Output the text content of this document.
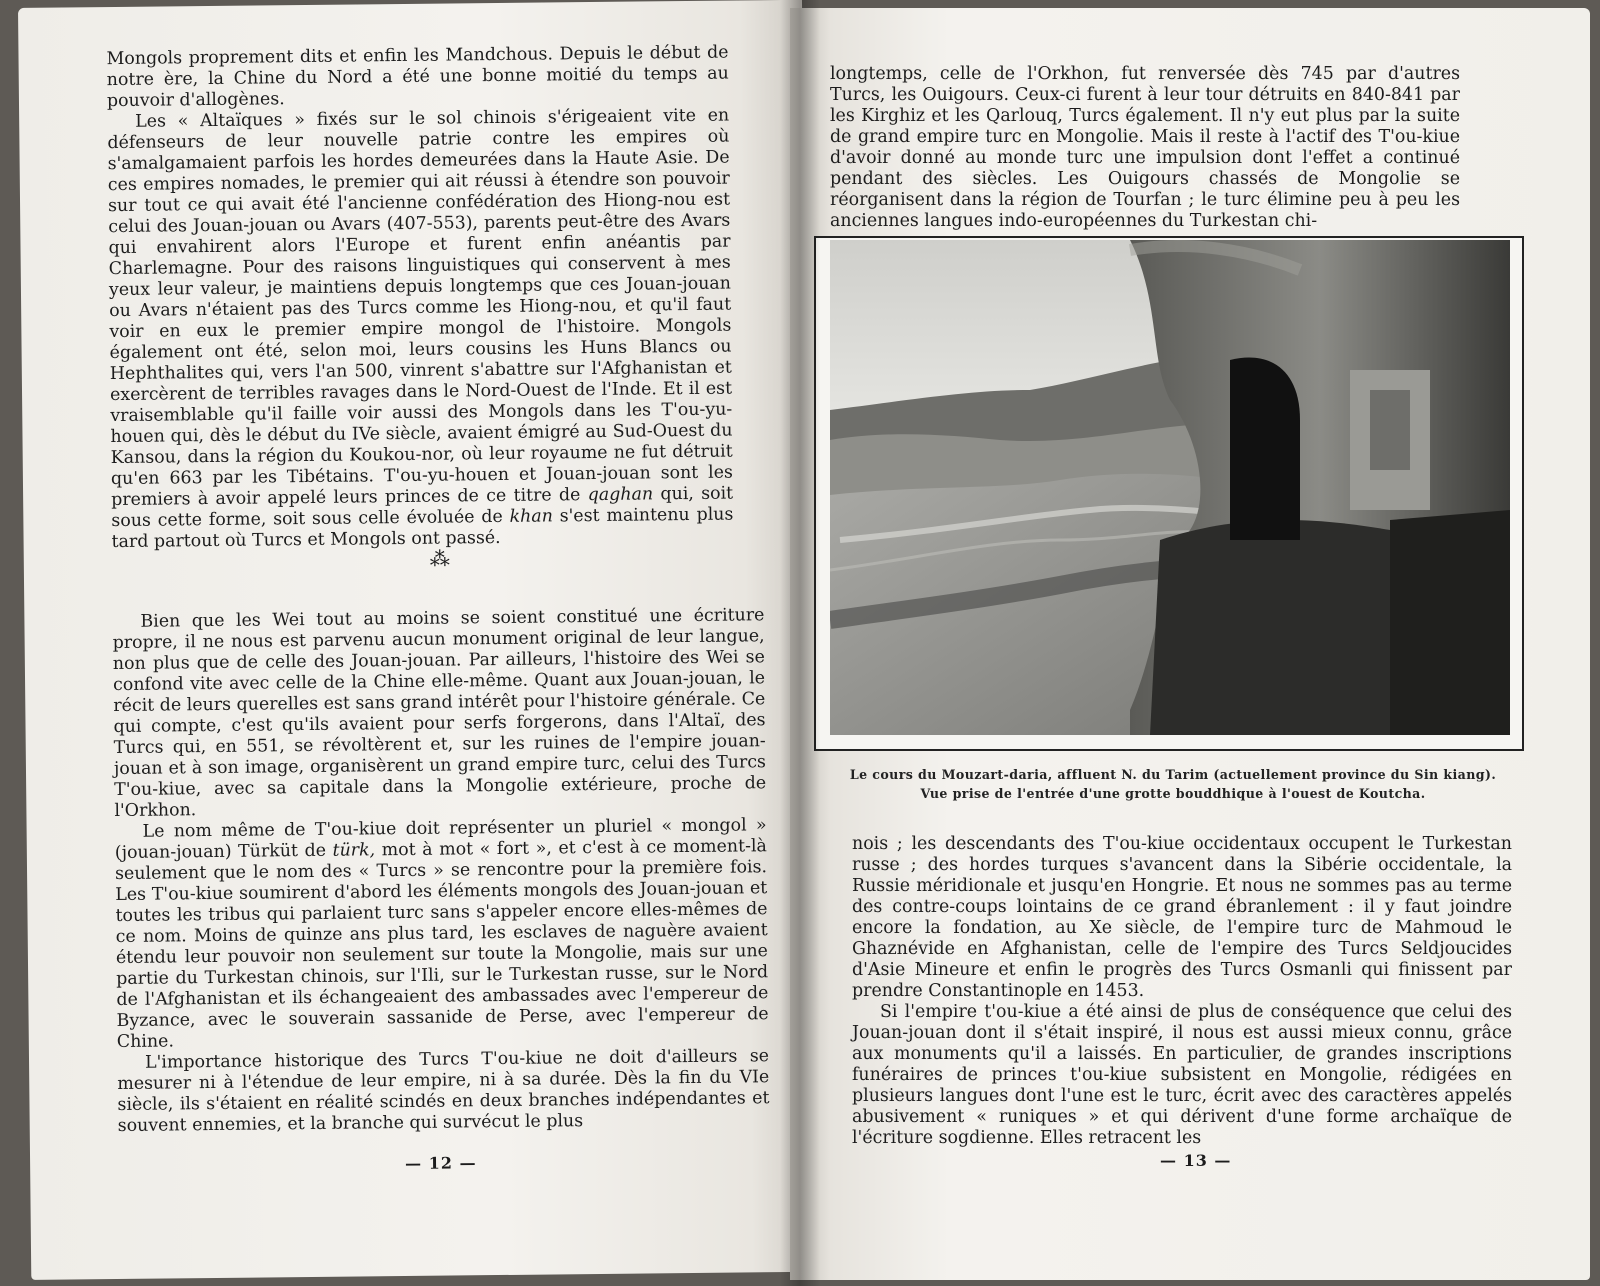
Mongols proprement dits et enfin les Mandchous. Depuis le début de notre ère, la Chine du Nord a été une bonne moitié du temps au pouvoir d'allogènes.

Les « Altaïques » fixés sur le sol chinois s'érigeaient vite en défenseurs de leur nouvelle patrie contre les empires où s'amalgamaient parfois les hordes demeurées dans la Haute Asie. De ces empires nomades, le premier qui ait réussi à étendre son pouvoir sur tout ce qui avait été l'ancienne confédération des Hiong-nou est celui des Jouan-jouan ou Avars (407-553), parents peut-être des Avars qui envahirent alors l'Europe et furent enfin anéantis par Charlemagne. Pour des raisons linguistiques qui conservent à mes yeux leur valeur, je maintiens depuis longtemps que ces Jouan-jouan ou Avars n'étaient pas des Turcs comme les Hiong-nou, et qu'il faut voir en eux le premier empire mongol de l'histoire. Mongols également ont été, selon moi, leurs cousins les Huns Blancs ou Hephthalites qui, vers l'an 500, vinrent s'abattre sur l'Afghanistan et exercèrent de terribles ravages dans le Nord-Ouest de l'Inde. Et il est vraisemblable qu'il faille voir aussi des Mongols dans les T'ou-yu-houen qui, dès le début du IVe siècle, avaient émigré au Sud-Ouest du Kansou, dans la région du Koukou-nor, où leur royaume ne fut détruit qu'en 663 par les Tibétains. T'ou-yu-houen et Jouan-jouan sont les premiers à avoir appelé leurs princes de ce titre de qaghan qui, soit sous cette forme, soit sous celle évoluée de khan s'est maintenu plus tard partout où Turcs et Mongols ont passé.

⁂

Bien que les Wei tout au moins se soient constitué une écriture propre, il ne nous est parvenu aucun monument original de leur langue, non plus que de celle des Jouan-jouan. Par ailleurs, l'histoire des Wei se confond vite avec celle de la Chine elle-même. Quant aux Jouan-jouan, le récit de leurs querelles est sans grand intérêt pour l'histoire générale. Ce qui compte, c'est qu'ils avaient pour serfs forgerons, dans l'Altaï, des Turcs qui, en 551, se révoltèrent et, sur les ruines de l'empire jouan-jouan et à son image, organisèrent un grand empire turc, celui des Turcs T'ou-kiue, avec sa capitale dans la Mongolie extérieure, proche de l'Orkhon.

Le nom même de T'ou-kiue doit représenter un pluriel « mongol » (jouan-jouan) Türküt de türk, mot à mot « fort », et c'est à ce moment-là seulement que le nom des « Turcs » se rencontre pour la première fois. Les T'ou-kiue soumirent d'abord les éléments mongols des Jouan-jouan et toutes les tribus qui parlaient turc sans s'appeler encore elles-mêmes de ce nom. Moins de quinze ans plus tard, les esclaves de naguère avaient étendu leur pouvoir non seulement sur toute la Mongolie, mais sur une partie du Turkestan chinois, sur l'Ili, sur le Turkestan russe, sur le Nord de l'Afghanistan et ils échangeaient des ambassades avec l'empereur de Byzance, avec le souverain sassanide de Perse, avec l'empereur de Chine.

L'importance historique des Turcs T'ou-kiue ne doit d'ailleurs se mesurer ni à l'étendue de leur empire, ni à sa durée. Dès la fin du VIe siècle, ils s'étaient en réalité scindés en deux branches indépendantes et souvent ennemies, et la branche qui survécut le plus

— 12 —

longtemps, celle de l'Orkhon, fut renversée dès 745 par d'autres Turcs, les Ouigours. Ceux-ci furent à leur tour détruits en 840-841 par les Kirghiz et les Qarlouq, Turcs également. Il n'y eut plus par la suite de grand empire turc en Mongolie. Mais il reste à l'actif des T'ou-kiue d'avoir donné au monde turc une impulsion dont l'effet a continué pendant des siècles. Les Ouigours chassés de Mongolie se réorganisent dans la région de Tourfan ; le turc élimine peu à peu les anciennes langues indo-européennes du Turkestan chi-

Le cours du Mouzart-daria, affluent N. du Tarim (actuellement province du Sin kiang). Vue prise de l'entrée d'une grotte bouddhique à l'ouest de Koutcha.

nois ; les descendants des T'ou-kiue occidentaux occupent le Turkestan russe ; des hordes turques s'avancent dans la Sibérie occidentale, la Russie méridionale et jusqu'en Hongrie. Et nous ne sommes pas au terme des contre-coups lointains de ce grand ébranlement : il y faut joindre encore la fondation, au Xe siècle, de l'empire turc de Mahmoud le Ghaznévide en Afghanistan, celle de l'empire des Turcs Seldjoucides d'Asie Mineure et enfin le progrès des Turcs Osmanli qui finissent par prendre Constantinople en 1453.

Si l'empire t'ou-kiue a été ainsi de plus de conséquence que celui des Jouan-jouan dont il s'était inspiré, il nous est aussi mieux connu, grâce aux monuments qu'il a laissés. En particulier, de grandes inscriptions funéraires de princes t'ou-kiue subsistent en Mongolie, rédigées en plusieurs langues dont l'une est le turc, écrit avec des caractères appelés abusivement « runiques » et qui dérivent d'une forme archaïque de l'écriture sogdienne. Elles retracent les

— 13 —
